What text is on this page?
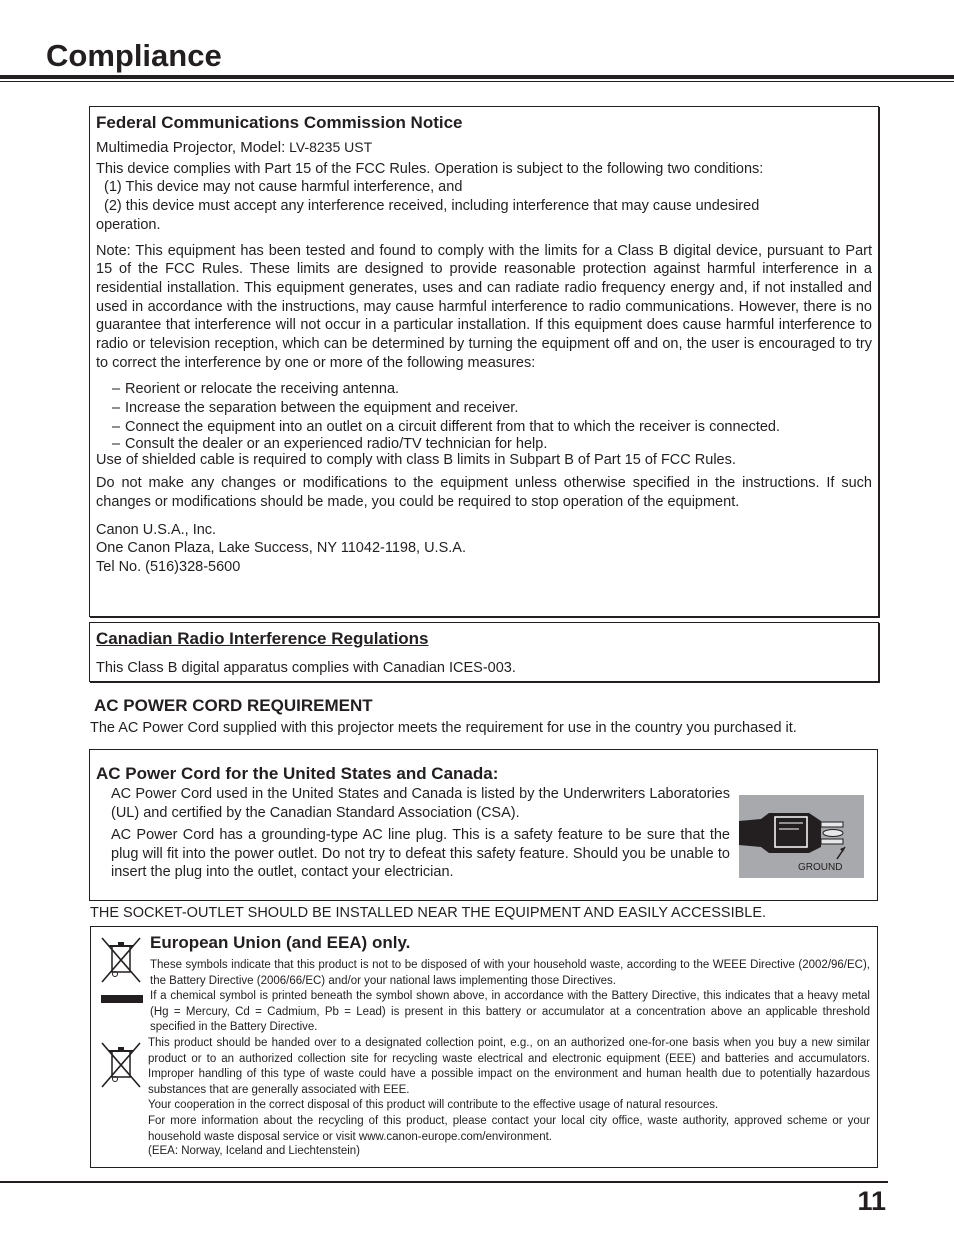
Compliance

Federal Communications Commission Notice

Multimedia Projector, Model: LV-8235 UST

This device complies with Part 15 of the FCC Rules. Operation is subject to the following two conditions:

(1) This device may not cause harmful interference, and

(2) this device must accept any interference received, including interference that may cause undesired

operation.

Note: This equipment has been tested and found to comply with the limits for a Class B digital device, pursuant to Part 15 of the FCC Rules. These limits are designed to provide reasonable protection against harmful interference in a residential installation. This equipment generates, uses and can radiate radio frequency energy and, if not installed and used in accordance with the instructions, may cause harmful interference to radio communications. However, there is no guarantee that interference will not occur in a particular installation. If this equipment does cause harmful interference to radio or television reception, which can be determined by turning the equipment off and on, the user is encouraged to try to correct the interference by one or more of the following measures:

– Reorient or relocate the receiving antenna.
– Increase the separation between the equipment and receiver.
– Connect the equipment into an outlet on a circuit different from that to which the receiver is connected.
– Consult the dealer or an experienced radio/TV technician for help.

Use of shielded cable is required to comply with class B limits in Subpart B of Part 15 of FCC Rules.

Do not make any changes or modifications to the equipment unless otherwise specified in the instructions. If such changes or modifications should be made, you could be required to stop operation of the equipment.

Canon U.S.A., Inc.

One Canon Plaza, Lake Success, NY 11042-1198, U.S.A.

Tel No. (516)328-5600

Canadian Radio Interference Regulations

This Class B digital apparatus complies with Canadian ICES-003.

AC POWER CORD REQUIREMENT

The AC Power Cord supplied with this projector meets the requirement for use in the country you purchased it.

AC Power Cord for the United States and Canada:

AC Power Cord used in the United States and Canada is listed by the Underwriters Laboratories (UL) and certified by the Canadian Standard Association (CSA).

AC Power Cord has a grounding-type AC line plug. This is a safety feature to be sure that the plug will fit into the power outlet. Do not try to defeat this safety feature. Should you be unable to insert the plug into the outlet, contact your electrician.	GROUND

THE SOCKET-OUTLET SHOULD BE INSTALLED NEAR THE EQUIPMENT AND EASILY ACCESSIBLE.

European Union (and EEA) only.

These symbols indicate that this product is not to be disposed of with your household waste, according to the WEEE Directive (2002/96/EC), the Battery Directive (2006/66/EC) and/or your national laws implementing those Directives.

If a chemical symbol is printed beneath the symbol shown above, in accordance with the Battery Directive, this indicates that a heavy metal (Hg = Mercury, Cd = Cadmium, Pb = Lead) is present in this battery or accumulator at a concentration above an applicable threshold specified in the Battery Directive.

This product should be handed over to a designated collection point, e.g., on an authorized one-for-one basis when you buy a new similar product or to an authorized collection site for recycling waste electrical and electronic equipment (EEE) and batteries and accumulators. Improper handling of this type of waste could have a possible impact on the environment and human health due to potentially hazardous substances that are generally associated with EEE.

Your cooperation in the correct disposal of this product will contribute to the effective usage of natural resources.

For more information about the recycling of this product, please contact your local city office, waste authority, approved scheme or your household waste disposal service or visit www.canon-europe.com/environment.

(EEA: Norway, Iceland and Liechtenstein)

11
